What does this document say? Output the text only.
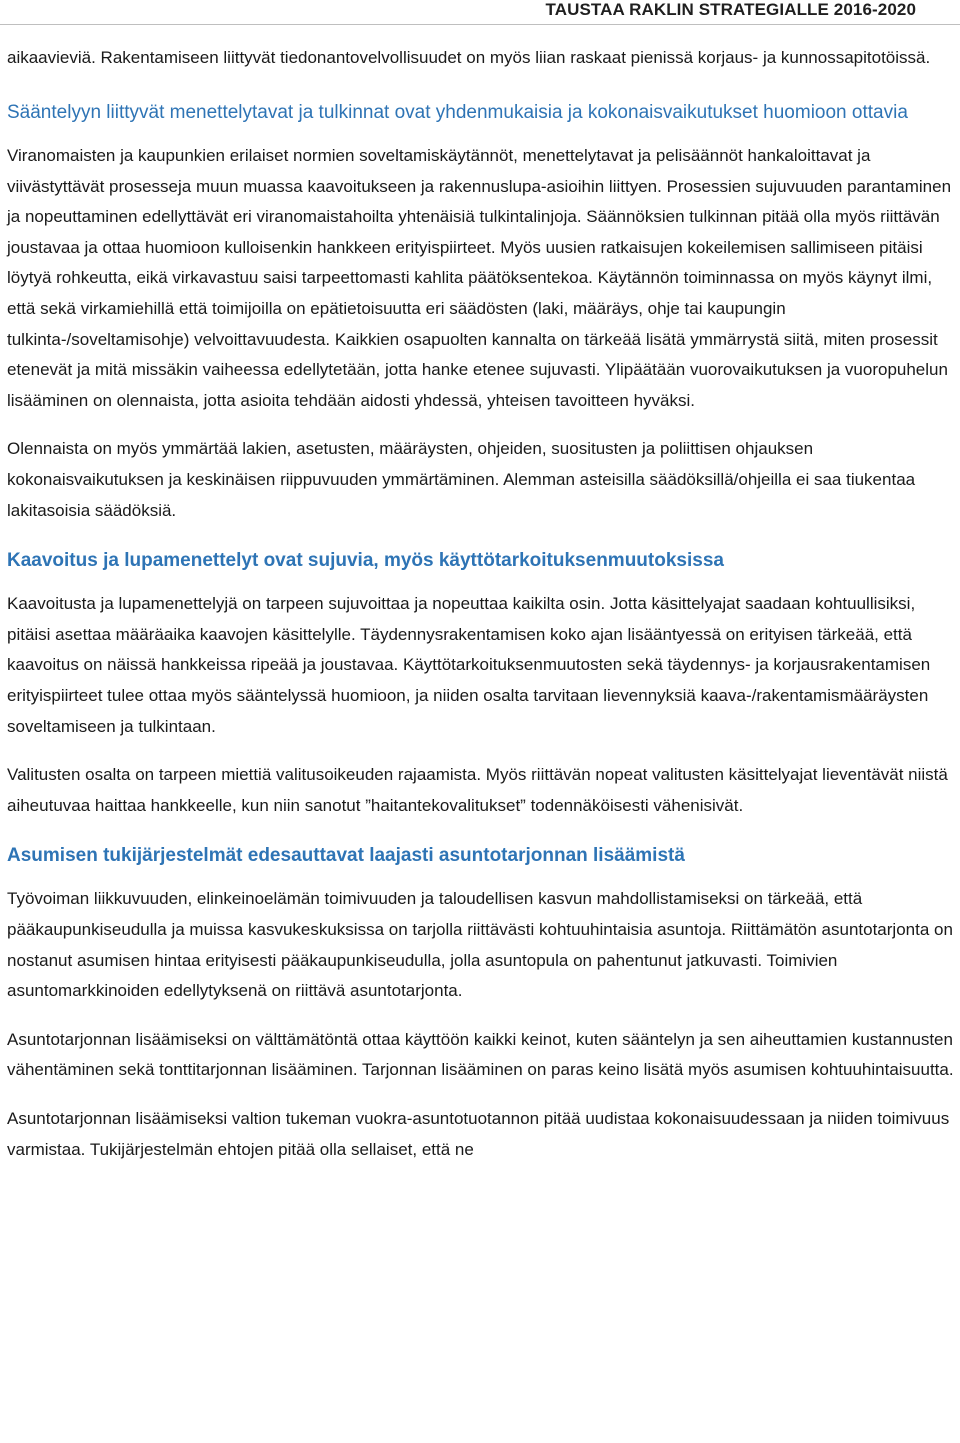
TAUSTAA RAKLIN STRATEGIALLE 2016-2020

aikaavieviä. Rakentamiseen liittyvät tiedonantovelvollisuudet on myös liian raskaat pienissä korjaus- ja kunnossapitotöissä.

Sääntelyyn liittyvät menettelytavat ja tulkinnat ovat yhdenmukaisia ja kokonaisvaikutukset huomioon ottavia

Viranomaisten ja kaupunkien erilaiset normien soveltamiskäytännöt, menettelytavat ja pelisäännöt hankaloittavat ja viivästyttävät prosesseja muun muassa kaavoitukseen ja rakennuslupa-asioihin liittyen. Prosessien sujuvuuden parantaminen ja nopeuttaminen edellyttävät eri viranomaistahoilta yhtenäisiä tulkintalinjoja. Säännöksien tulkinnan pitää olla myös riittävän joustavaa ja ottaa huomioon kulloisenkin hankkeen erityispiirteet. Myös uusien ratkaisujen kokeilemisen sallimiseen pitäisi löytyä rohkeutta, eikä virkavastuu saisi tarpeettomasti kahlita päätöksentekoa. Käytännön toiminnassa on myös käynyt ilmi, että sekä virkamiehillä että toimijoilla on epätietoisuutta eri säädösten (laki, määräys, ohje tai kaupungin tulkinta-/soveltamisohje) velvoittavuudesta. Kaikkien osapuolten kannalta on tärkeää lisätä ymmärrystä siitä, miten prosessit etenevät ja mitä missäkin vaiheessa edellytetään, jotta hanke etenee sujuvasti. Ylipäätään vuorovaikutuksen ja vuoropuhelun lisääminen on olennaista, jotta asioita tehdään aidosti yhdessä, yhteisen tavoitteen hyväksi.

Olennaista on myös ymmärtää lakien, asetusten, määräysten, ohjeiden, suositusten ja poliittisen ohjauksen kokonaisvaikutuksen ja keskinäisen riippuvuuden ymmärtäminen. Alemman asteisilla säädöksillä/ohjeilla ei saa tiukentaa lakitasoisia säädöksiä.

Kaavoitus ja lupamenettelyt ovat sujuvia, myös käyttötarkoituksenmuutoksissa

Kaavoitusta ja lupamenettelyjä on tarpeen sujuvoittaa ja nopeuttaa kaikilta osin. Jotta käsittelyajat saadaan kohtuullisiksi, pitäisi asettaa määräaika kaavojen käsittelylle. Täydennysrakentamisen koko ajan lisääntyessä on erityisen tärkeää, että kaavoitus on näissä hankkeissa ripeää ja joustavaa. Käyttötarkoituksenmuutosten sekä täydennys- ja korjausrakentamisen erityispiirteet tulee ottaa myös sääntelyssä huomioon, ja niiden osalta tarvitaan lievennyksiä kaava-/rakentamismääräysten soveltamiseen ja tulkintaan.

Valitusten osalta on tarpeen miettiä valitusoikeuden rajaamista. Myös riittävän nopeat valitusten käsittelyajat lieventävät niistä aiheutuvaa haittaa hankkeelle, kun niin sanotut ”haitantekovalitukset” todennäköisesti vähenisivät.

Asumisen tukijärjestelmät edesauttavat laajasti asuntotarjonnan lisäämistä

Työvoiman liikkuvuuden, elinkeinoelämän toimivuuden ja taloudellisen kasvun mahdollistamiseksi on tärkeää, että pääkaupunkiseudulla ja muissa kasvukeskuksissa on tarjolla riittävästi kohtuuhintaisia asuntoja. Riittämätön asuntotarjonta on nostanut asumisen hintaa erityisesti pääkaupunkiseudulla, jolla asuntopula on pahentunut jatkuvasti. Toimivien asuntomarkkinoiden edellytyksenä on riittävä asuntotarjonta.

Asuntotarjonnan lisäämiseksi on välttämätöntä ottaa käyttöön kaikki keinot, kuten sääntelyn ja sen aiheuttamien kustannusten vähentäminen sekä tonttitarjonnan lisääminen. Tarjonnan lisääminen on paras keino lisätä myös asumisen kohtuuhintaisuutta.

Asuntotarjonnan lisäämiseksi valtion tukeman vuokra-asuntotuotannon pitää uudistaa kokonaisuudessaan ja niiden toimivuus varmistaa. Tukijärjestelmän ehtojen pitää olla sellaiset, että ne
